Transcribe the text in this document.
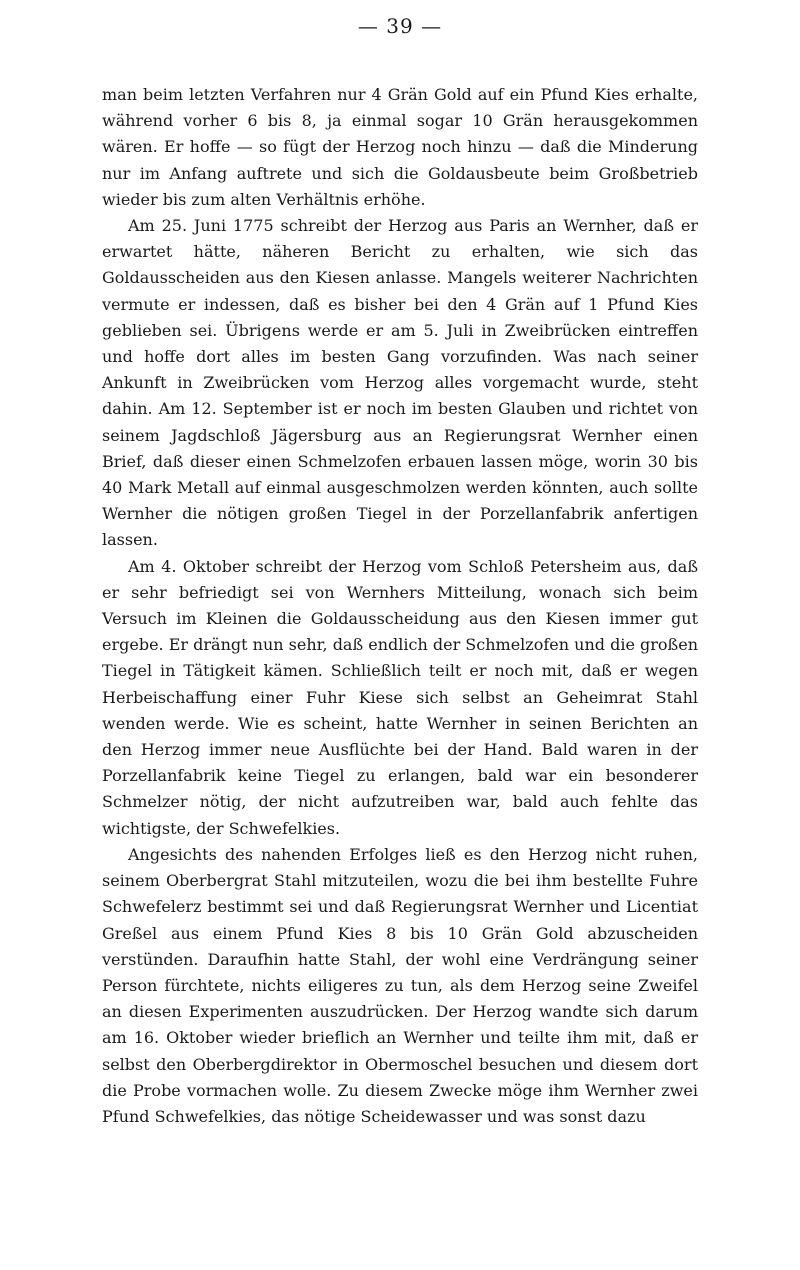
— 39 —

man beim letzten Verfahren nur 4 Grän Gold auf ein Pfund Kies erhalte, während vorher 6 bis 8, ja einmal sogar 10 Grän herausgekommen wären. Er hoffe — so fügt der Herzog noch hinzu — daß die Minderung nur im Anfang auftrete und sich die Goldausbeute beim Großbetrieb wieder bis zum alten Verhältnis erhöhe.

Am 25. Juni 1775 schreibt der Herzog aus Paris an Wernher, daß er erwartet hätte, näheren Bericht zu erhalten, wie sich das Goldausscheiden aus den Kiesen anlasse. Mangels weiterer Nachrichten vermute er indessen, daß es bisher bei den 4 Grän auf 1 Pfund Kies geblieben sei. Übrigens werde er am 5. Juli in Zweibrücken eintreffen und hoffe dort alles im besten Gang vorzufinden. Was nach seiner Ankunft in Zweibrücken vom Herzog alles vorgemacht wurde, steht dahin. Am 12. September ist er noch im besten Glauben und richtet von seinem Jagdschloß Jägersburg aus an Regierungsrat Wernher einen Brief, daß dieser einen Schmelzofen erbauen lassen möge, worin 30 bis 40 Mark Metall auf einmal ausgeschmolzen werden könnten, auch sollte Wernher die nötigen großen Tiegel in der Porzellanfabrik anfertigen lassen.

Am 4. Oktober schreibt der Herzog vom Schloß Petersheim aus, daß er sehr befriedigt sei von Wernhers Mitteilung, wonach sich beim Versuch im Kleinen die Goldausscheidung aus den Kiesen immer gut ergebe. Er drängt nun sehr, daß endlich der Schmelzofen und die großen Tiegel in Tätigkeit kämen. Schließlich teilt er noch mit, daß er wegen Herbeischaffung einer Fuhr Kiese sich selbst an Geheimrat Stahl wenden werde. Wie es scheint, hatte Wernher in seinen Berichten an den Herzog immer neue Ausflüchte bei der Hand. Bald waren in der Porzellanfabrik keine Tiegel zu erlangen, bald war ein besonderer Schmelzer nötig, der nicht aufzutreiben war, bald auch fehlte das wichtigste, der Schwefelkies.

Angesichts des nahenden Erfolges ließ es den Herzog nicht ruhen, seinem Oberbergrat Stahl mitzuteilen, wozu die bei ihm bestellte Fuhre Schwefelerz bestimmt sei und daß Regierungsrat Wernher und Licentiat Greßel aus einem Pfund Kies 8 bis 10 Grän Gold abzuscheiden verstünden. Daraufhin hatte Stahl, der wohl eine Verdrängung seiner Person fürchtete, nichts eiligeres zu tun, als dem Herzog seine Zweifel an diesen Experimenten auszudrücken. Der Herzog wandte sich darum am 16. Oktober wieder brieflich an Wernher und teilte ihm mit, daß er selbst den Oberbergdirektor in Obermoschel besuchen und diesem dort die Probe vormachen wolle. Zu diesem Zwecke möge ihm Wernher zwei Pfund Schwefelkies, das nötige Scheidewasser und was sonst dazu
